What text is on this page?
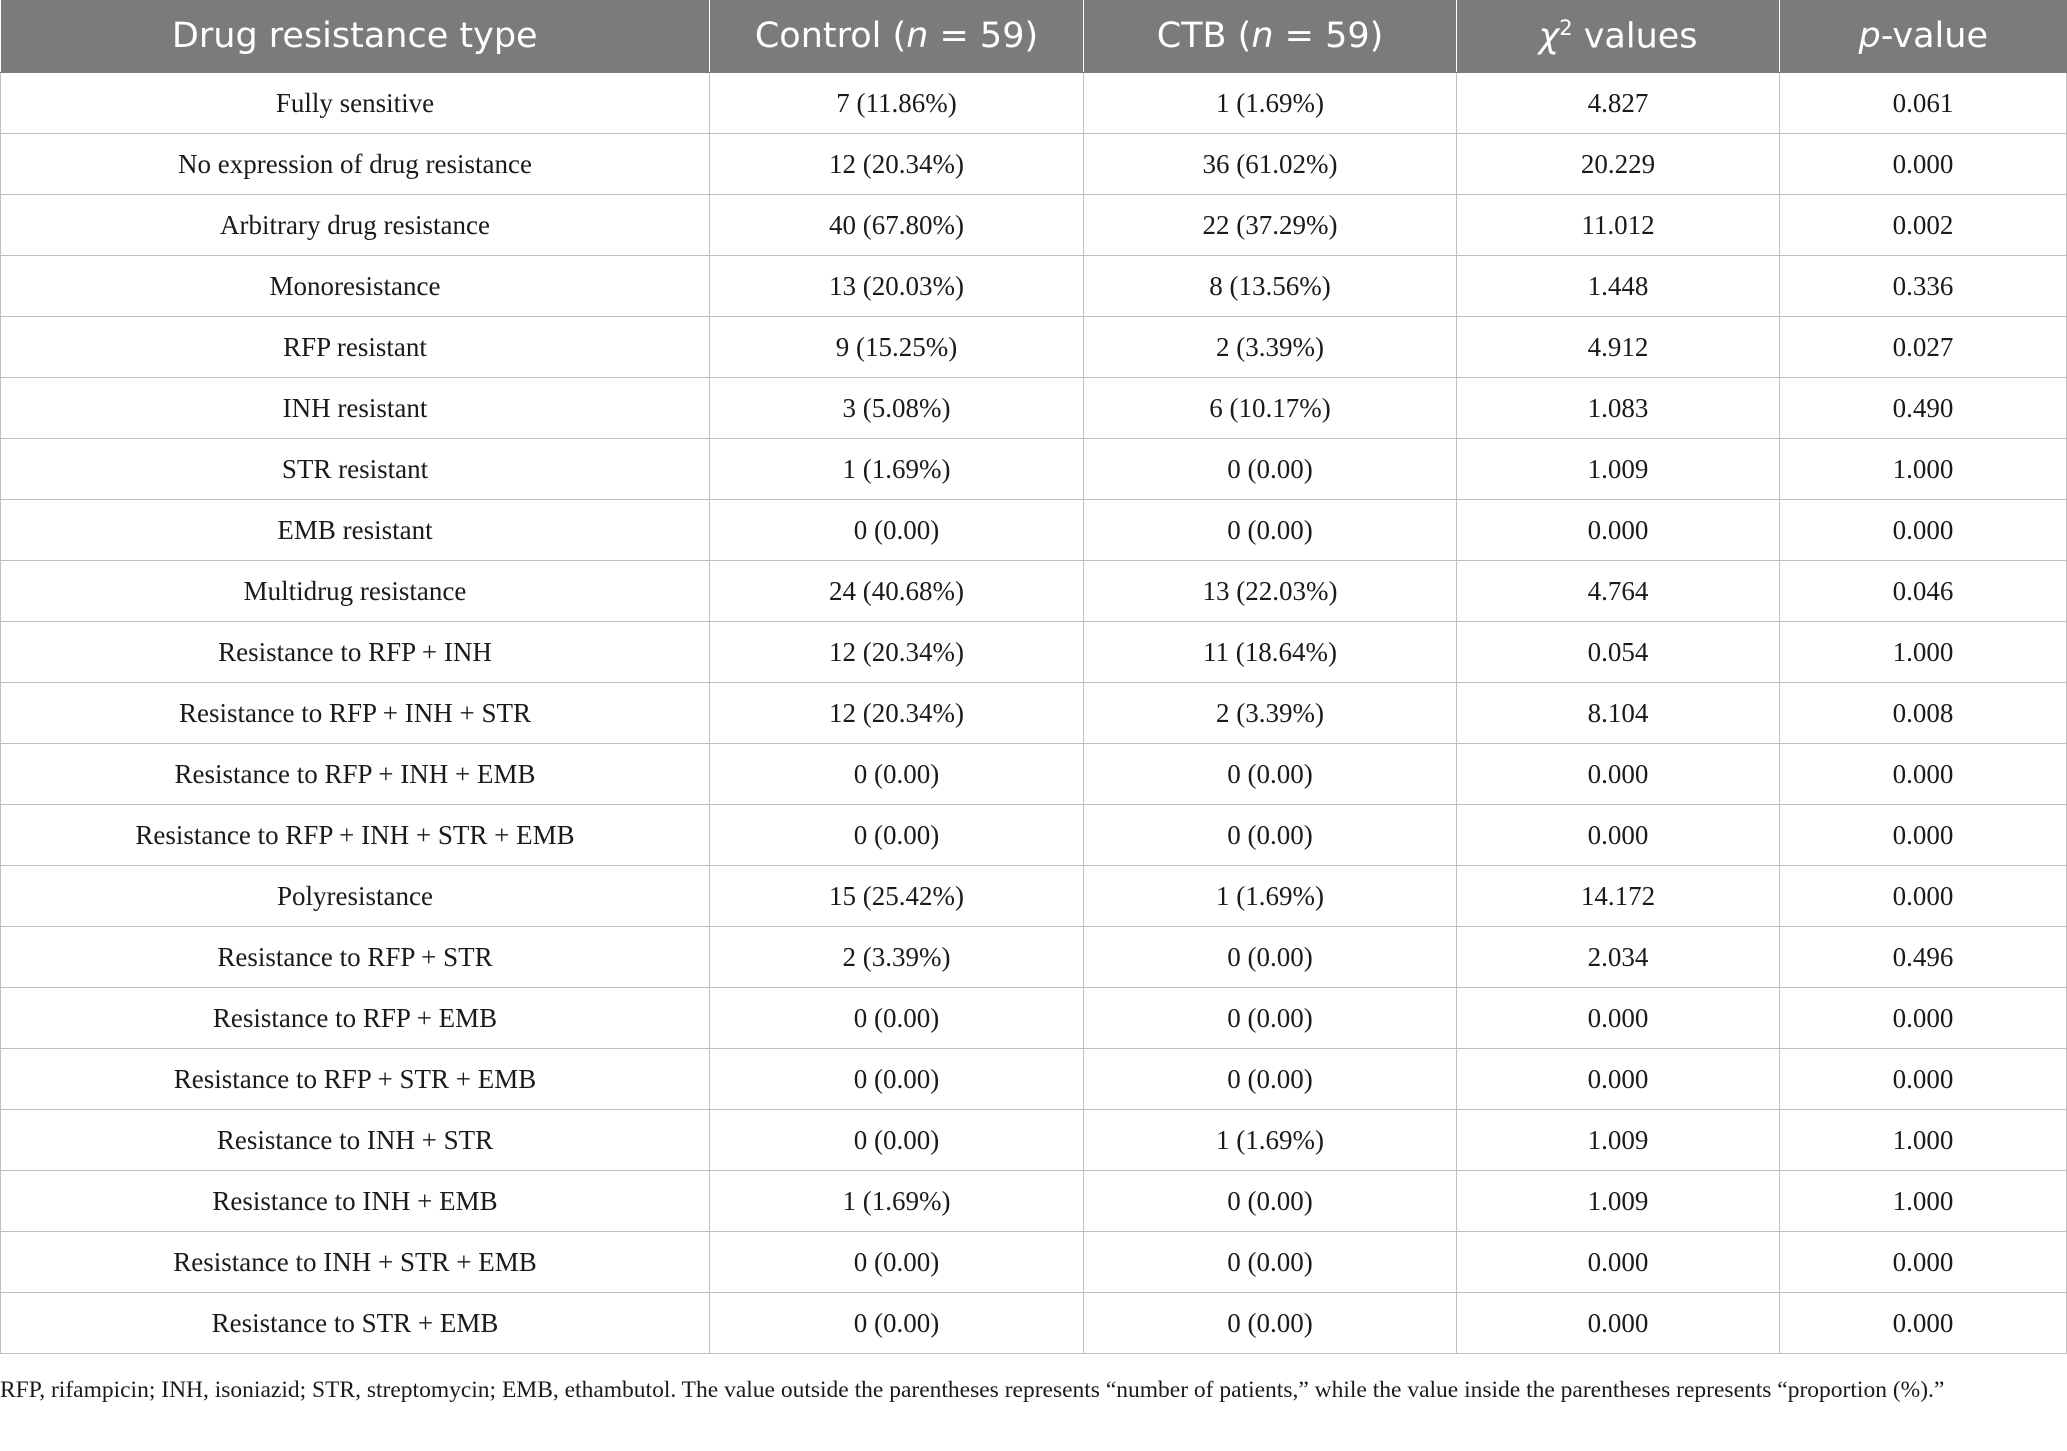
Drug resistance type	Control (n = 59)	CTB (n = 59)	$\chi^2$ values	p-value
Fully sensitive	7 (11.86%)	1 (1.69%)	4.827	0.061
No expression of drug resistance	12 (20.34%)	36 (61.02%)	20.229	0.000
Arbitrary drug resistance	40 (67.80%)	22 (37.29%)	11.012	0.002
Monoresistance	13 (20.03%)	8 (13.56%)	1.448	0.336
RFP resistant	9 (15.25%)	2 (3.39%)	4.912	0.027
INH resistant	3 (5.08%)	6 (10.17%)	1.083	0.490
STR resistant	1 (1.69%)	0 (0.00)	1.009	1.000
EMB resistant	0 (0.00)	0 (0.00)	0.000	0.000
Multidrug resistance	24 (40.68%)	13 (22.03%)	4.764	0.046
Resistance to RFP + INH	12 (20.34%)	11 (18.64%)	0.054	1.000
Resistance to RFP + INH + STR	12 (20.34%)	2 (3.39%)	8.104	0.008
Resistance to RFP + INH + EMB	0 (0.00)	0 (0.00)	0.000	0.000
Resistance to RFP + INH + STR + EMB	0 (0.00)	0 (0.00)	0.000	0.000
Polyresistance	15 (25.42%)	1 (1.69%)	14.172	0.000
Resistance to RFP + STR	2 (3.39%)	0 (0.00)	2.034	0.496
Resistance to RFP + EMB	0 (0.00)	0 (0.00)	0.000	0.000
Resistance to RFP + STR + EMB	0 (0.00)	0 (0.00)	0.000	0.000
Resistance to INH + STR	0 (0.00)	1 (1.69%)	1.009	1.000
Resistance to INH + EMB	1 (1.69%)	0 (0.00)	1.009	1.000
Resistance to INH + STR + EMB	0 (0.00)	0 (0.00)	0.000	0.000
Resistance to STR + EMB	0 (0.00)	0 (0.00)	0.000	0.000
RFP, rifampicin; INH, isoniazid; STR, streptomycin; EMB, ethambutol. The value outside the parentheses represents “number of patients,” while the value inside the parentheses represents “proportion (%).”
